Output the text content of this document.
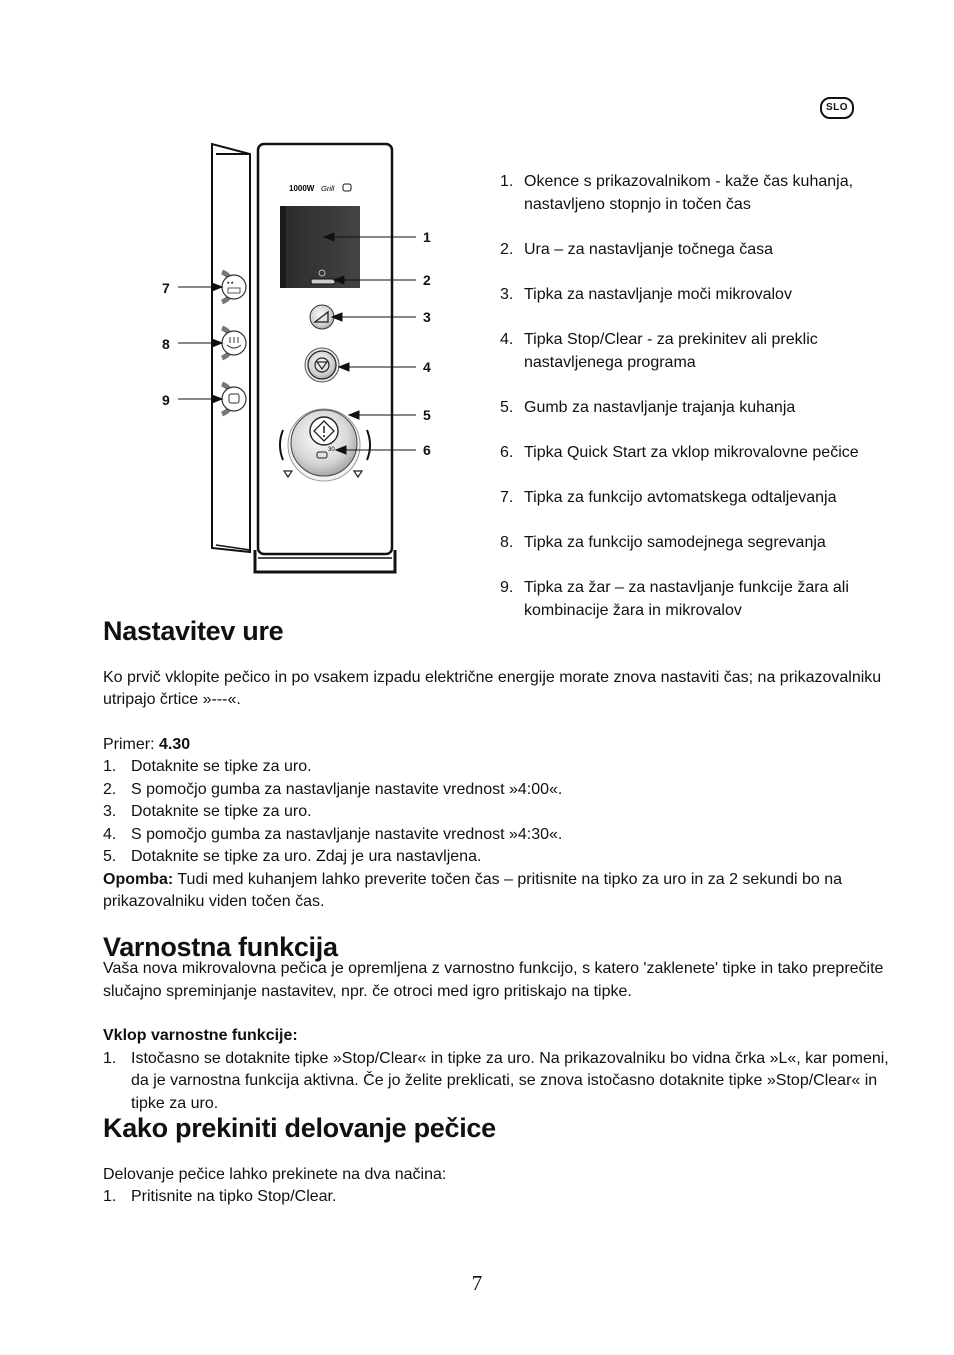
SLO
1000W Grill
30
* *
1
2
3
4
5
6
7
8
9
1. Okence s prikazovalnikom - kaže čas kuhanja, nastavljeno stopnjo in točen čas
2. Ura – za nastavljanje točnega časa
3. Tipka za nastavljanje moči mikrovalov
4. Tipka Stop/Clear - za prekinitev ali preklic nastavljenega programa
5. Gumb za nastavljanje trajanja kuhanja
6. Tipka Quick Start za vklop mikrovalovne pečice
7. Tipka za funkcijo avtomatskega odtaljevanja
8. Tipka za funkcijo samodejnega segrevanja
9. Tipka za žar – za nastavljanje funkcije žara ali kombinacije žara in mikrovalov
Nastavitev ure

Ko prvič vklopite pečico in po vsakem izpadu električne energije morate znova nastaviti čas; na prikazovalniku utripajo črtice »---«.

Primer: 4.30

1. Dotaknite se tipke za uro.
2. S pomočjo gumba za nastavljanje nastavite vrednost »4:00«.
3. Dotaknite se tipke za uro.
4. S pomočjo gumba za nastavljanje nastavite vrednost »4:30«.
5. Dotaknite se tipke za uro. Zdaj je ura nastavljena.

Opomba: Tudi med kuhanjem lahko preverite točen čas – pritisnite na tipko za uro in za 2 sekundi bo na prikazovalniku viden točen čas.

Varnostna funkcija

Vaša nova mikrovalovna pečica je opremljena z varnostno funkcijo, s katero 'zaklenete' tipke in tako preprečite slučajno spreminjanje nastavitev, npr. če otroci med igro pritiskajo na tipke.

Vklop varnostne funkcije:

1. Istočasno se dotaknite tipke »Stop/Clear« in tipke za uro. Na prikazovalniku bo vidna črka »L«, kar pomeni, da je varnostna funkcija aktivna. Če jo želite preklicati, se znova istočasno dotaknite tipke »Stop/Clear« in tipke za uro.
Kako prekiniti delovanje pečice

Delovanje pečice lahko prekinete na dva načina:

1. Pritisnite na tipko Stop/Clear.
7
